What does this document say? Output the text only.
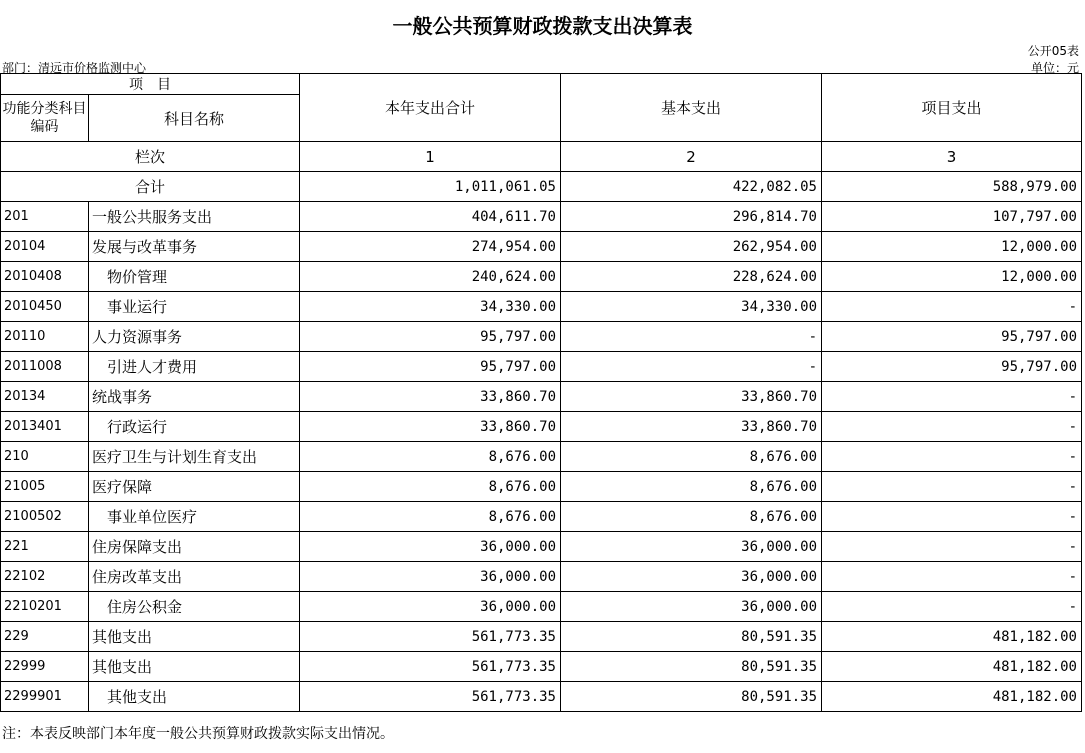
一般公共预算财政拨款支出决算表
公开05表
部门：清远市价格监测中心	单位：元
项　目		本年支出合计	基本支出	项目支出
功能分类科目编码	科目名称			
栏次		1	2	3
合计		1,011,061.05	422,082.05	588,979.00
201	一般公共服务支出	404,611.70	296,814.70	107,797.00
20104	发展与改革事务	274,954.00	262,954.00	12,000.00
2010408	物价管理	240,624.00	228,624.00	12,000.00
2010450	事业运行	34,330.00	34,330.00	-
20110	人力资源事务	95,797.00	-	95,797.00
2011008	引进人才费用	95,797.00	-	95,797.00
20134	统战事务	33,860.70	33,860.70	-
2013401	行政运行	33,860.70	33,860.70	-
210	医疗卫生与计划生育支出	8,676.00	8,676.00	-
21005	医疗保障	8,676.00	8,676.00	-
2100502	事业单位医疗	8,676.00	8,676.00	-
221	住房保障支出	36,000.00	36,000.00	-
22102	住房改革支出	36,000.00	36,000.00	-
2210201	住房公积金	36,000.00	36,000.00	-
229	其他支出	561,773.35	80,591.35	481,182.00
22999	其他支出	561,773.35	80,591.35	481,182.00
2299901	其他支出	561,773.35	80,591.35	481,182.00
注：本表反映部门本年度一般公共预算财政拨款实际支出情况。
